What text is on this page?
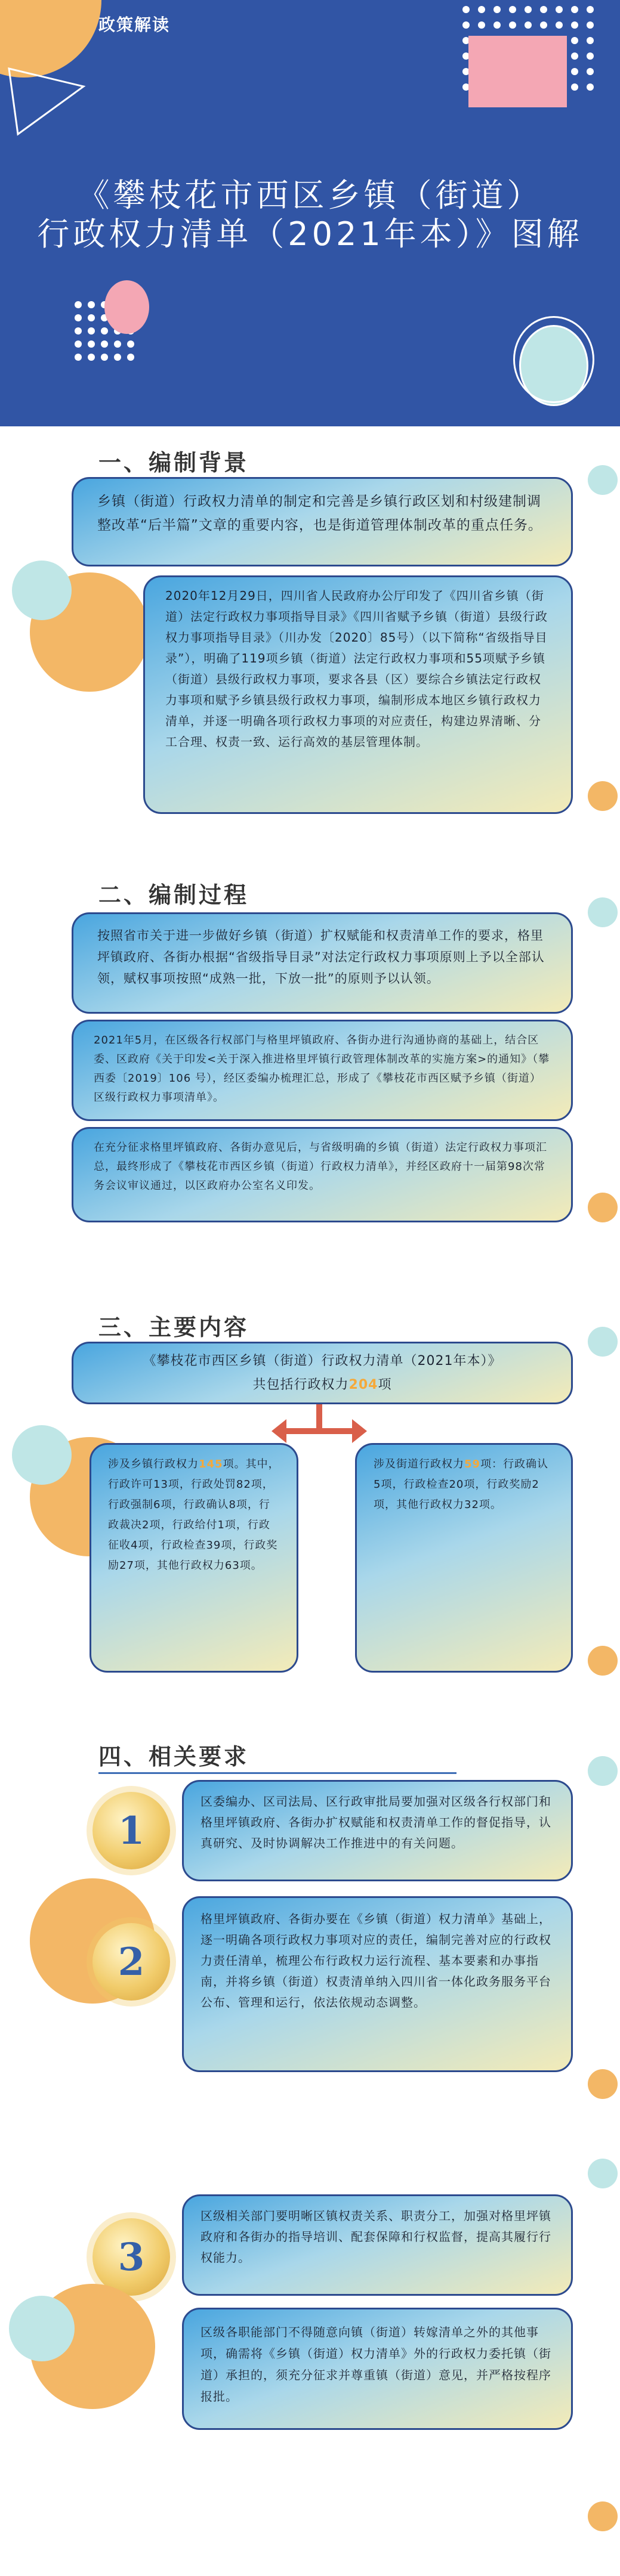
政策解读
《攀枝花市西区乡镇（街道）
行政权力清单（2021年本）》图解
一、编制背景
乡镇（街道）行政权力清单的制定和完善是乡镇行政区划和村级建制调整改革“后半篇”文章的重要内容，也是街道管理体制改革的重点任务。
2020年12月29日，四川省人民政府办公厅印发了《四川省乡镇（街道）法定行政权力事项指导目录》《四川省赋予乡镇（街道）县级行政权力事项指导目录》（川办发〔2020〕85号）（以下简称“省级指导目录”），明确了119项乡镇（街道）法定行政权力事项和55项赋予乡镇（街道）县级行政权力事项，要求各县（区）要综合乡镇法定行政权力事项和赋予乡镇县级行政权力事项，编制形成本地区乡镇行政权力清单，并逐一明确各项行政权力事项的对应责任，构建边界清晰、分工合理、权责一致、运行高效的基层管理体制。
二、编制过程
按照省市关于进一步做好乡镇（街道）扩权赋能和权责清单工作的要求，格里坪镇政府、各街办根据“省级指导目录”对法定行政权力事项原则上予以全部认领，赋权事项按照“成熟一批，下放一批”的原则予以认领。
2021年5月，在区级各行权部门与格里坪镇政府、各街办进行沟通协商的基础上，结合区委、区政府《关于印发<关于深入推进格里坪镇行政管理体制改革的实施方案>的通知》（攀西委〔2019〕106 号），经区委编办梳理汇总，形成了《攀枝花市西区赋予乡镇（街道）区级行政权力事项清单》。
在充分征求格里坪镇政府、各街办意见后，与省级明确的乡镇（街道）法定行政权力事项汇总，最终形成了《攀枝花市西区乡镇（街道）行政权力清单》，并经区政府十一届第98次常务会议审议通过，以区政府办公室名义印发。
三、主要内容
《攀枝花市西区乡镇（街道）行政权力清单（2021年本）》
共包括行政权力204项
涉及乡镇行政权力145项。其中，行政许可13项，行政处罚82项，行政强制6项，行政确认8项，行政裁决2项，行政给付1项，行政征收4项，行政检查39项，行政奖励27项，其他行政权力63项。
涉及街道行政权力59项：行政确认5项，行政检查20项，行政奖励2项，其他行政权力32项。
四、相关要求
1
区委编办、区司法局、区行政审批局要加强对区级各行权部门和格里坪镇政府、各街办扩权赋能和权责清单工作的督促指导，认真研究、及时协调解决工作推进中的有关问题。
2
格里坪镇政府、各街办要在《乡镇（街道）权力清单》基础上，逐一明确各项行政权力事项对应的责任，编制完善对应的行政权力责任清单，梳理公布行政权力运行流程、基本要素和办事指南，并将乡镇（街道）权责清单纳入四川省一体化政务服务平台公布、管理和运行，依法依规动态调整。
3
区级相关部门要明晰区镇权责关系、职责分工，加强对格里坪镇政府和各街办的指导培训、配套保障和行权监督，提高其履行行权能力。
区级各职能部门不得随意向镇（街道）转嫁清单之外的其他事项，确需将《乡镇（街道）权力清单》外的行政权力委托镇（街道）承担的，须充分征求并尊重镇（街道）意见，并严格按程序报批。
